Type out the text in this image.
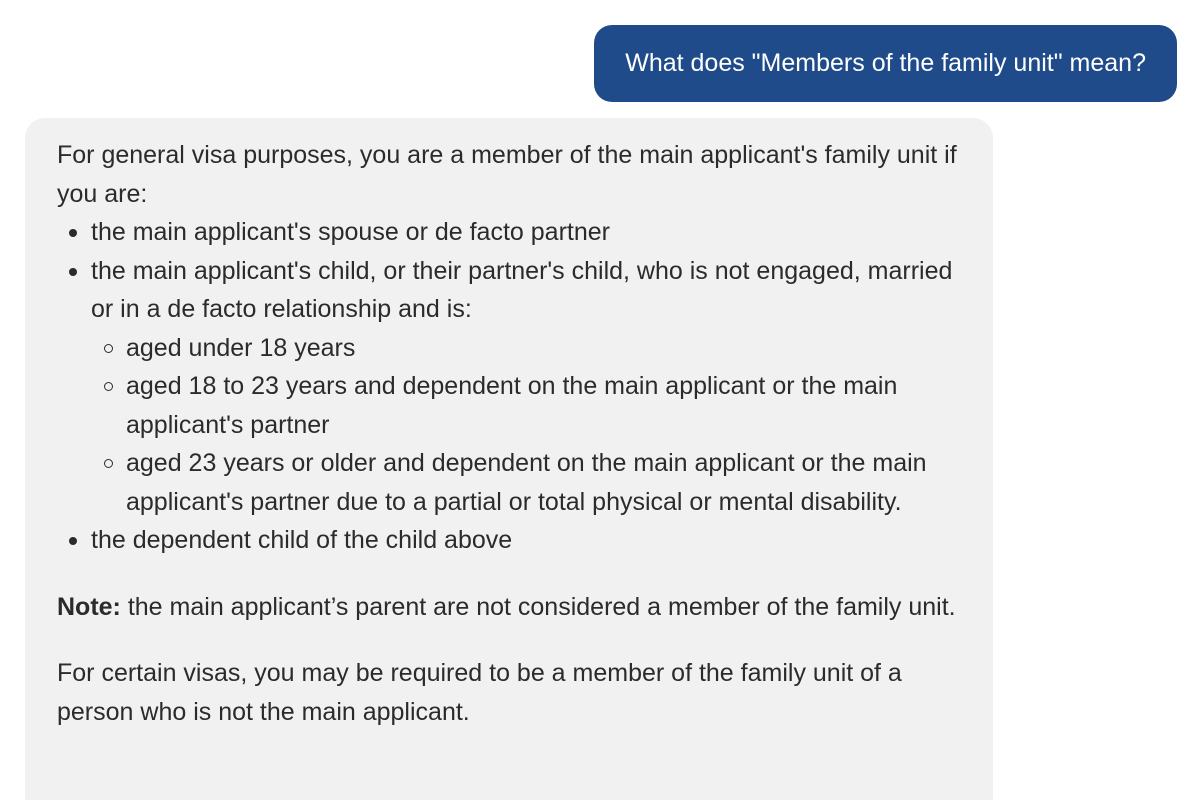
What does "Members of the family unit" mean?

For general visa purposes, you are a member of the main applicant's family unit if you are:

the main applicant's spouse or de facto partner
the main applicant's child, or their partner's child, who is not engaged, married or in a de facto relationship and is:
aged under 18 years
aged 18 to 23 years and dependent on the main applicant or the main applicant's partner
aged 23 years or older and dependent on the main applicant or the main applicant's partner due to a partial or total physical or mental disability.
the dependent child of the child above

Note: the main applicant’s parent are not considered a member of the family unit.

For certain visas, you may be required to be a member of the family unit of a person who is not the main applicant.
